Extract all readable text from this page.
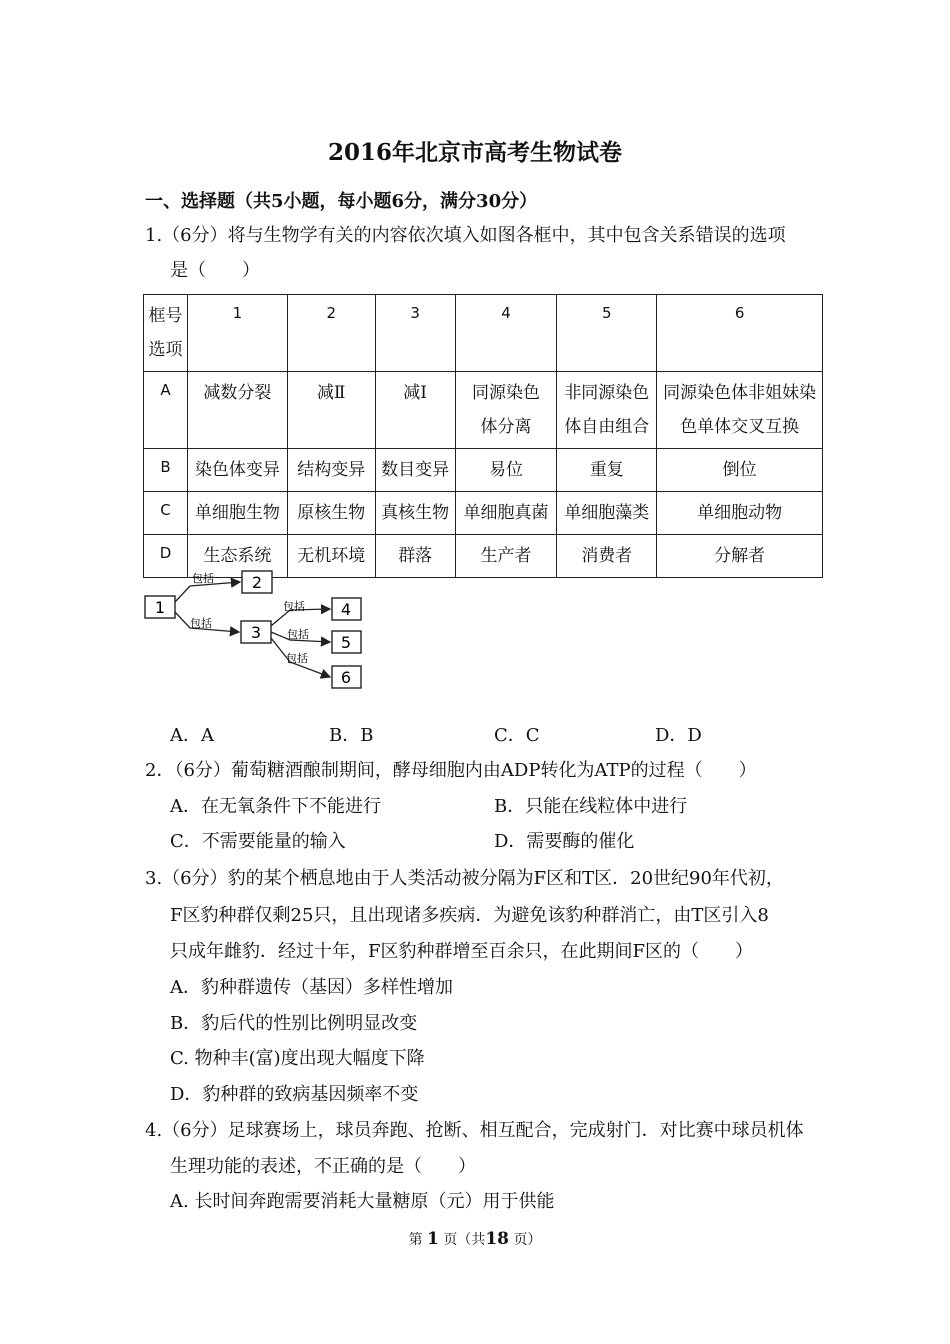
2016年北京市高考生物试卷
一、选择题（共5小题，每小题6分，满分30分）
1.（6分）将与生物学有关的内容依次填入如图各框中，其中包含关系错误的选项
是（　　）
框号
选项	1	2	3	4	5	6
A	减数分裂	减Ⅱ	减Ⅰ	同源染色体分离	非同源染色体自由组合	同源染色体非姐妹染色单体交叉互换
B	染色体变异	结构变异	数目变异	易位	重复	倒位
C	单细胞生物	原核生物	真核生物	单细胞真菌	单细胞藻类	单细胞动物
D	生态系统	无机环境	群落	生产者	消费者	分解者
1
2
3
4
5
6
包括
包括
包括
包括
包括
A．A	B．B	C．C	D．D
2．（6分）葡萄糖酒酿制期间，酵母细胞内由ADP转化为ATP的过程（　　）
A．在无氧条件下不能进行	B．只能在线粒体中进行
C．不需要能量的输入	D．需要酶的催化
3.（6分）豹的某个栖息地由于人类活动被分隔为F区和T区．20世纪90年代初，
F区豹种群仅剩25只，且出现诸多疾病．为避免该豹种群消亡，由T区引入8
只成年雌豹．经过十年，F区豹种群增至百余只，在此期间F区的（　　）
A．豹种群遗传（基因）多样性增加
B．豹后代的性别比例明显改变
C. 物种丰(富)度出现大幅度下降
D．豹种群的致病基因频率不变
4.（6分）足球赛场上，球员奔跑、抢断、相互配合，完成射门．对比赛中球员机体
生理功能的表述，不正确的是（　　）
A. 长时间奔跑需要消耗大量糖原（元）用于供能
第 1 页（共18 页）
